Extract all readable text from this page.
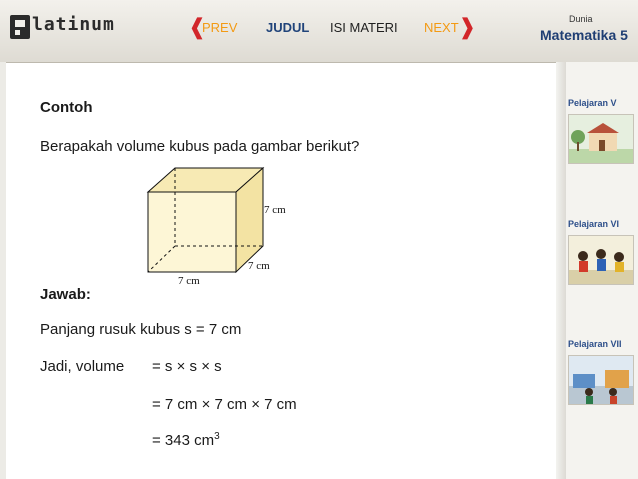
latinum	❰
PREV JUDUL ISI MATERI NEXT ❱	Dunia
Matematika 5
Pelajaran V
Pelajaran VI
Pelajaran VII
Contoh
Berapakah volume kubus pada gambar berikut?
7 cm
7 cm
7 cm
Jawab:
Panjang rusuk kubus s = 7 cm
Jadi, volume = s × s × s
= 7 cm × 7 cm × 7 cm
= 343 $cm^3$
